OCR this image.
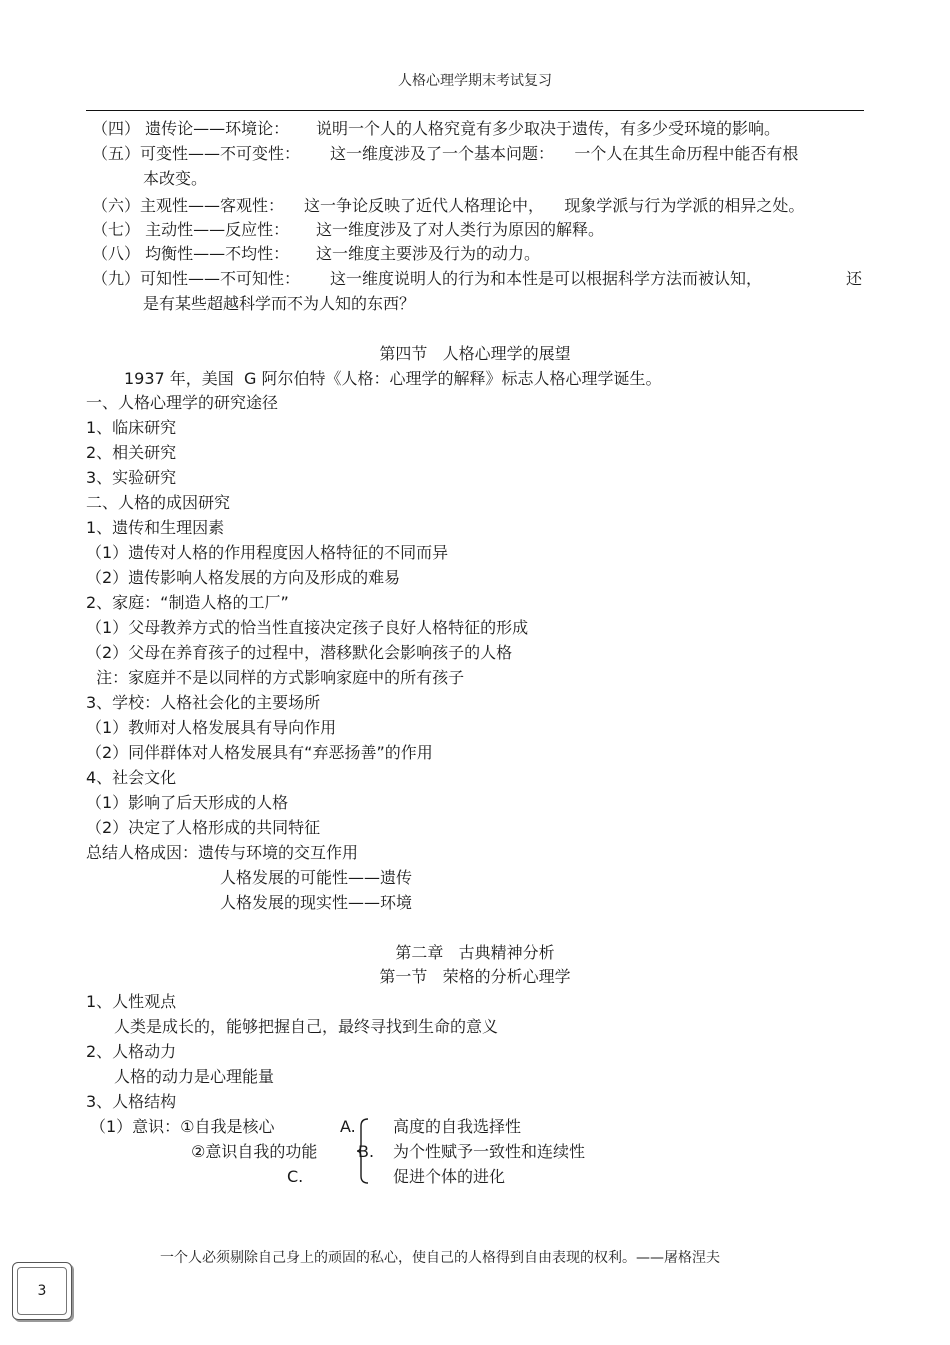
人格心理学期末考试复习
（四） 遗传论——环境论： 说明一个人的人格究竟有多少取决于遗传，有多少受环境的影响。
（五）可变性——不可变性： 这一维度涉及了一个基本问题：    一个人在其生命历程中能否有根
本改变。
（六）主观性——客观性： 这一争论反映了近代人格理论中，    现象学派与行为学派的相异之处。
（七） 主动性——反应性： 这一维度涉及了对人类行为原因的解释。
（八） 均衡性——不均性： 这一维度主要涉及行为的动力。
（九）可知性——不可知性： 这一维度说明人的行为和本性是可以根据科学方法而被认知，	还
是有某些超越科学而不为人知的东西？
第四节   人格心理学的展望
1937 年，美国  G 阿尔伯特《人格：心理学的解释》标志人格心理学诞生。
一、人格心理学的研究途径
1、临床研究
2、相关研究
3、实验研究
二、人格的成因研究
1、遗传和生理因素
（1）遗传对人格的作用程度因人格特征的不同而异
（2）遗传影响人格发展的方向及形成的难易
2、家庭：“制造人格的工厂”
（1）父母教养方式的恰当性直接决定孩子良好人格特征的形成
（2）父母在养育孩子的过程中，潜移默化会影响孩子的人格
注：家庭并不是以同样的方式影响家庭中的所有孩子
3、学校：人格社会化的主要场所
（1）教师对人格发展具有导向作用
（2）同伴群体对人格发展具有“弃恶扬善”的作用
4、社会文化
（1）影响了后天形成的人格
（2）决定了人格形成的共同特征
总结人格成因：遗传与环境的交互作用
人格发展的可能性——遗传
人格发展的现实性——环境
第二章   古典精神分析
第一节   荣格的分析心理学
1、人性观点
人类是成长的，能够把握自己，最终寻找到生命的意义
2、人格动力
人格的动力是心理能量
3、人格结构
（1）意识：①自我是核心
②意识自我的功能
A.
B.
C.
高度的自我选择性
为个性赋予一致性和连续性
促进个体的进化
一个人必须剔除自己身上的顽固的私心，使自己的人格得到自由表现的权利。——屠格涅夫
3
